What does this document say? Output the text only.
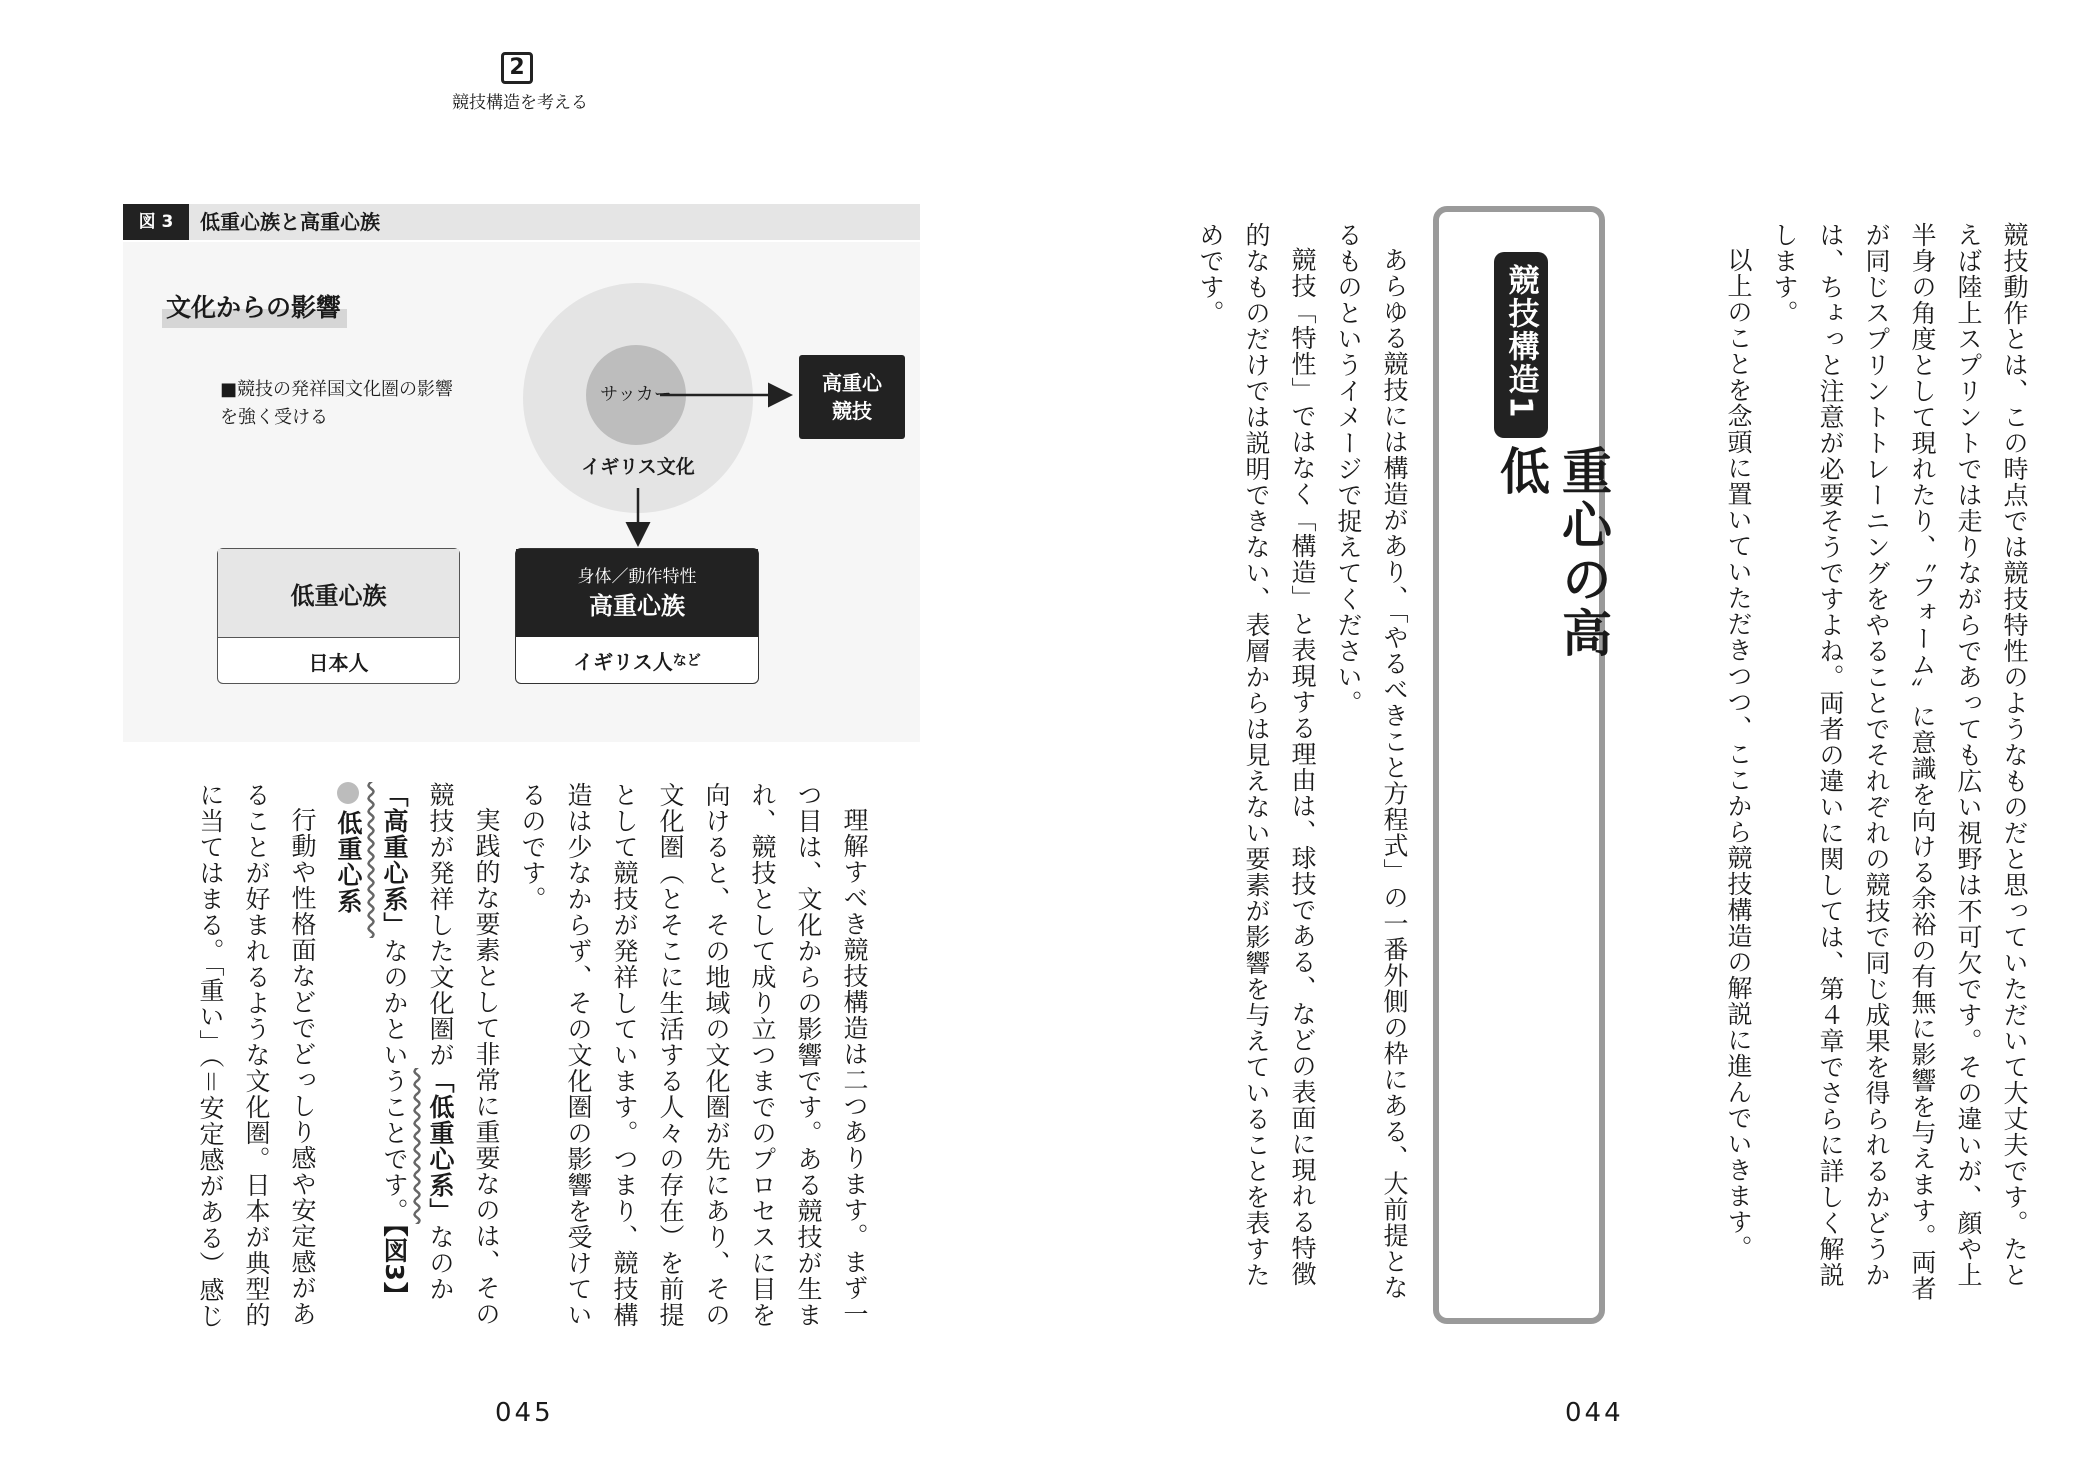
2
競技構造を考える
図 3	低重心族と高重心族
文化からの影響
■競技の発祥国文化圏の影響を強く受ける
サッカー
イギリス文化
高重心
競技
低重心族
日本人
身体／動作特性
高重心族
イギリス人 など

理解すべき競技構造は二つあります。まず一つ目は、文化からの影響です。ある競技が生まれ、競技として成り立つまでのプロセスに目を向けると、その地域の文化圏が先にあり、その文化圏（とそこに生活する人々の存在）を前提として競技が発祥しています。つまり、競技構造は少なからず、その文化圏の影響を受けているのです。

実践的な要素として非常に重要なのは、その競技が発祥した文化圏が「低重心系」なのか「高重心系」なのかということです。【図3】

低重心系

行動や性格面などでどっしり感や安定感があることが好まれるような文化圏。日本が典型的に当てはまる。「重い」（＝安定感がある）感じ

045

競技動作とは、この時点では競技特性のようなものだと思っていただいて大丈夫です。たとえば陸上スプリントでは走りながらであっても広い視野は不可欠です。その違いが、顔や上半身の角度として現れたり、〝フォーム〟に意識を向ける余裕の有無に影響を与えます。両者が同じスプリントトレーニングをやることでそれぞれの競技で同じ成果を得られるかどうかは、ちょっと注意が必要そうですよね。両者の違いに関しては、第４章でさらに詳しく解説します。

以上のことを念頭に置いていただきつつ、ここから競技構造の解説に進んでいきます。

競技構造1
重心の高低

あらゆる競技には構造があり、「やるべきこと方程式」の一番外側の枠にある、大前提となるものというイメージで捉えてください。

競技「特性」ではなく「構造」と表現する理由は、球技である、などの表面に現れる特徴的なものだけでは説明できない、表層からは見えない要素が影響を与えていることを表すためです。

044
